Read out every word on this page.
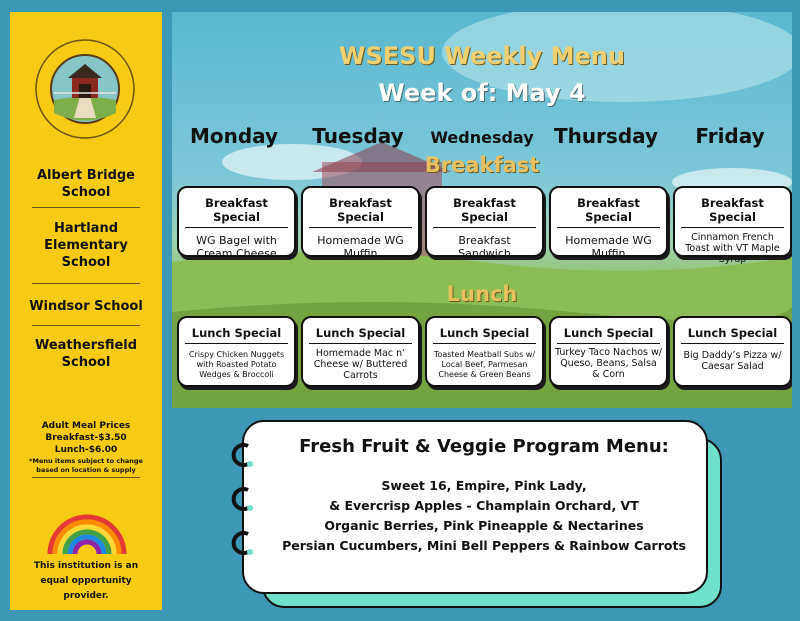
Albert Bridge School
Hartland Elementary School
Windsor School
Weathersfield School
Adult Meal Prices
Breakfast-$3.50
Lunch-$6.00
*Menu items subject to change based on location & supply
This institution is an equal opportunity provider.
WSESU Weekly Menu
Week of: May 4
Monday	Tuesday	Wednesday	Thursday	Friday
Breakfast
Breakfast Special
WG Bagel with Cream Cheese
Breakfast Special
Homemade WG Muffin
Breakfast Special
Breakfast Sandwich
Breakfast Special
Homemade WG Muffin
Breakfast Special
Cinnamon French Toast with VT Maple Syrup
Lunch
Lunch Special
Crispy Chicken Nuggets with Roasted Potato Wedges & Broccoli
Lunch Special
Homemade Mac n’ Cheese w/ Buttered Carrots
Lunch Special
Toasted Meatball Subs w/ Local Beef, Parmesan Cheese & Green Beans
Lunch Special
Turkey Taco Nachos w/ Queso, Beans, Salsa & Corn
Lunch Special
Big Daddy’s Pizza w/ Caesar Salad
Fresh Fruit & Veggie Program Menu:
Sweet 16, Empire, Pink Lady,
& Evercrisp Apples - Champlain Orchard, VT
Organic Berries, Pink Pineapple & Nectarines
Persian Cucumbers, Mini Bell Peppers & Rainbow Carrots
